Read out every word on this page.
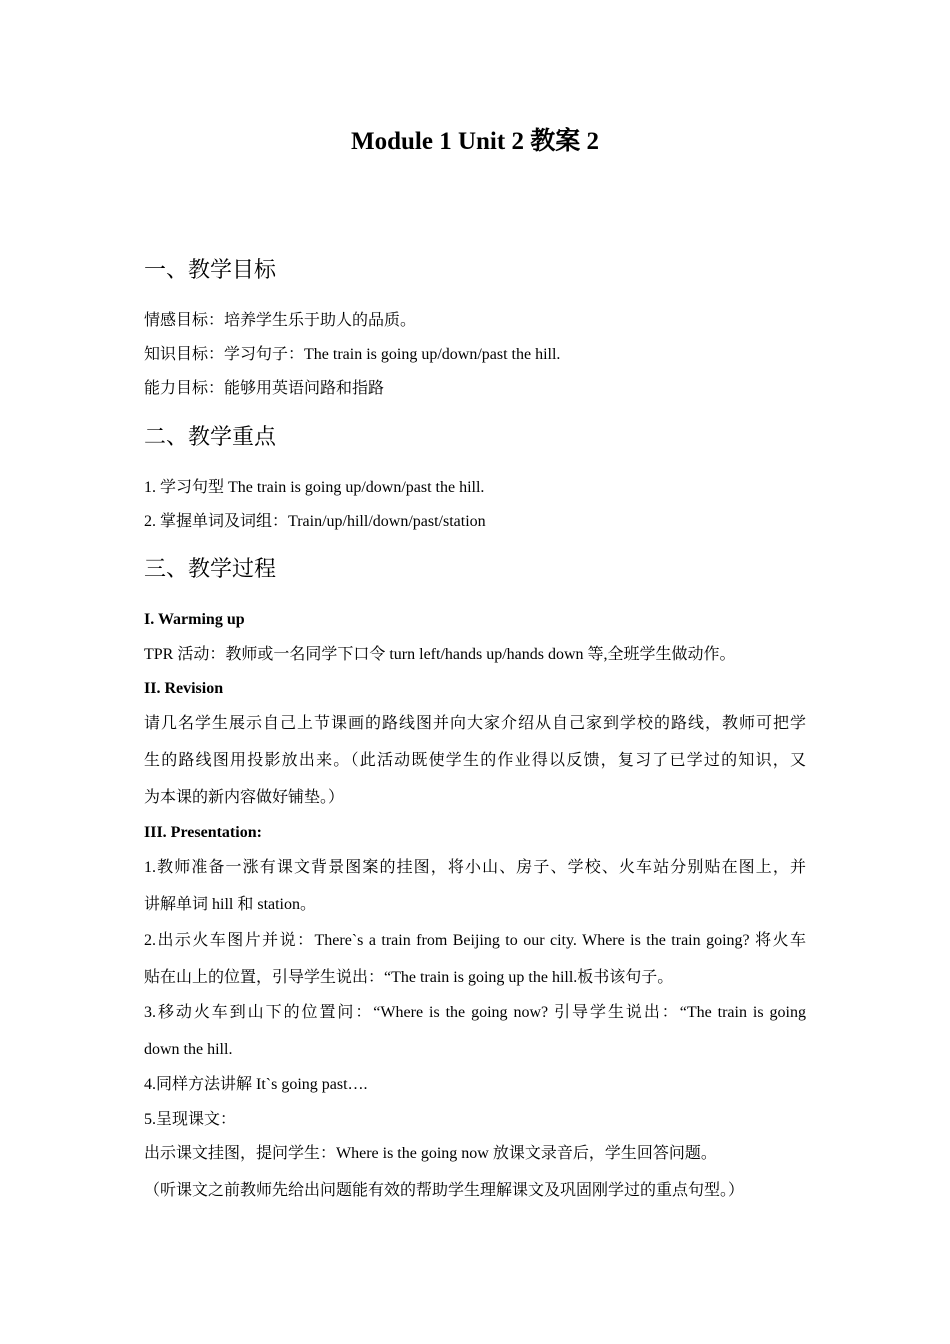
Module 1 Unit 2 教案 2
一、教学目标
情感目标：培养学生乐于助人的品质。
知识目标：学习句子：The train is going up/down/past the hill.
能力目标：能够用英语问路和指路
二、教学重点
1. 学习句型 The train is going up/down/past the hill.
2. 掌握单词及词组：Train/up/hill/down/past/station
三、教学过程
I. Warming up
TPR 活动：教师或一名同学下口令 turn left/hands up/hands down 等,全班学生做动作。
II. Revision
请几名学生展示自己上节课画的路线图并向大家介绍从自己家到学校的路线，教师可把学
生的路线图用投影放出来。（此活动既使学生的作业得以反馈，复习了已学过的知识，又
为本课的新内容做好铺垫。）
III. Presentation:
1.教师准备一涨有课文背景图案的挂图，将小山、房子、学校、火车站分别贴在图上，并
讲解单词 hill 和 station。
2.出示火车图片并说：There`s a train from Beijing to our city. Where is the train going? 将火车
贴在山上的位置，引导学生说出：“The train is going up the hill.板书该句子。
3.移动火车到山下的位置问：“Where is the going now? 引导学生说出：“The train is going
down the hill.
4.同样方法讲解 It`s going past….
5.呈现课文：
出示课文挂图，提问学生：Where is the going now 放课文录音后，学生回答问题。
（听课文之前教师先给出问题能有效的帮助学生理解课文及巩固刚学过的重点句型。）
